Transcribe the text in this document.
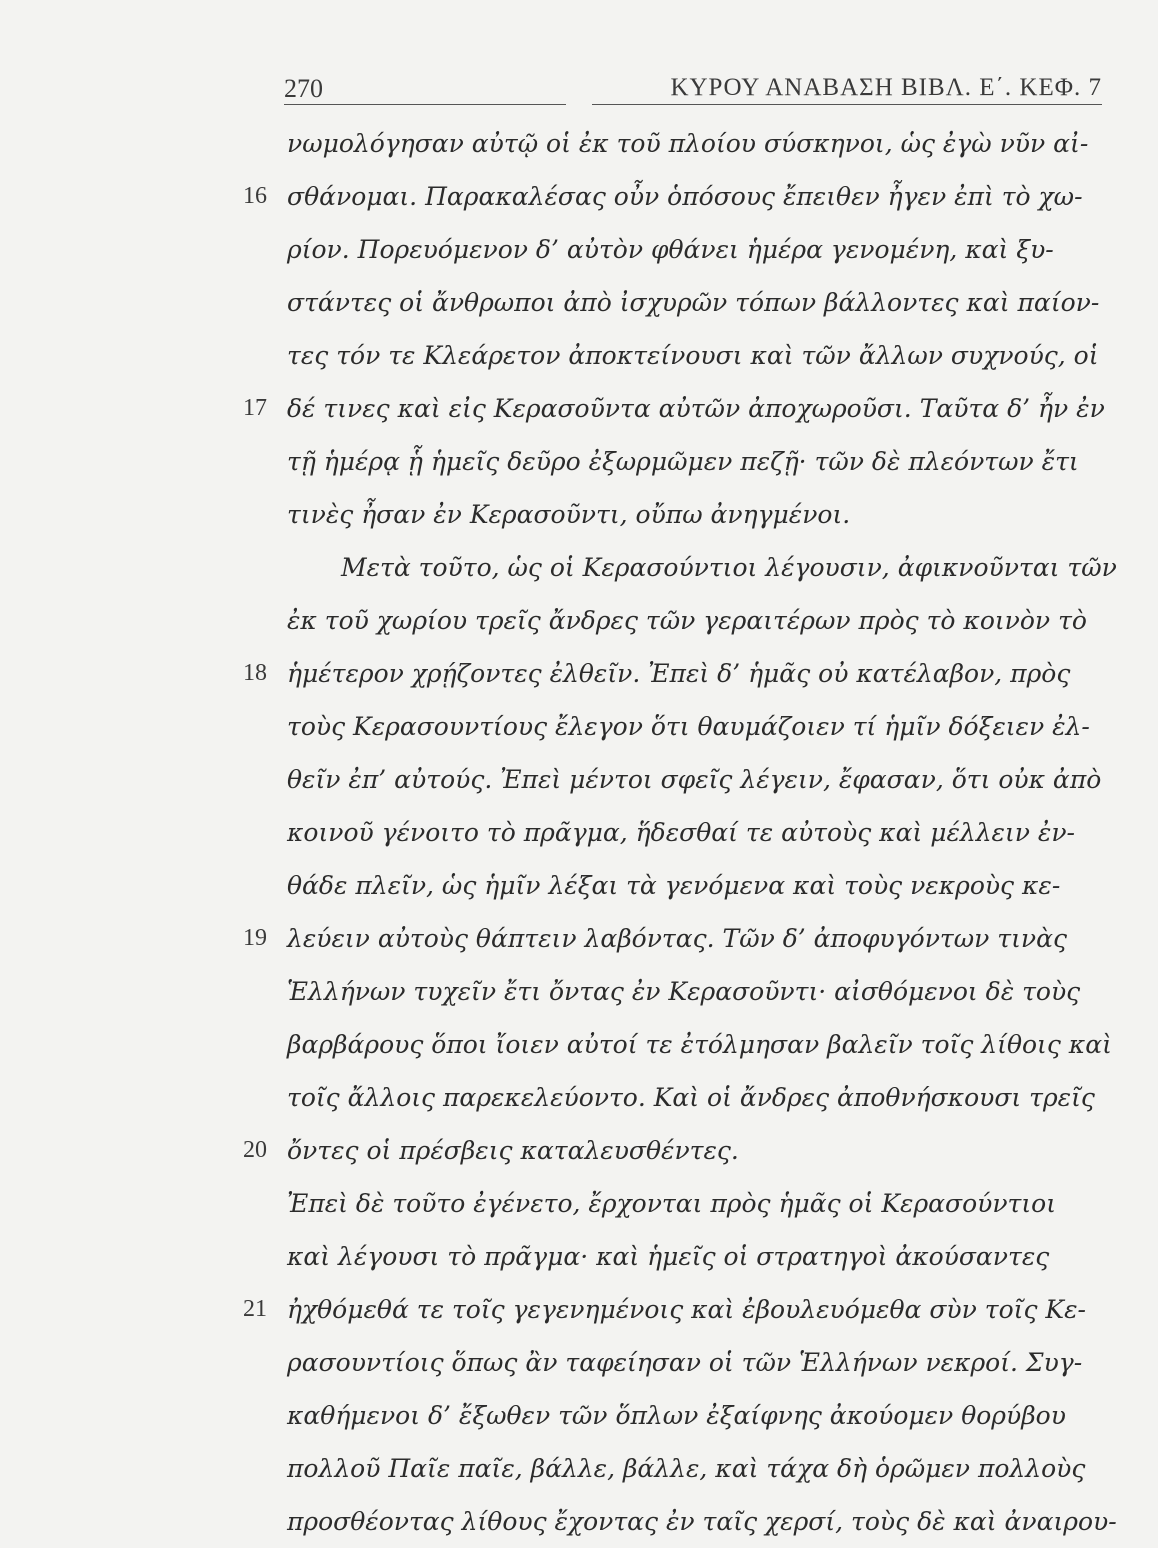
270	ΚΥΡΟΥ ΑΝΑΒΑΣΗ ΒΙΒΛ. Ε΄. ΚΕΦ. 7
16
17
18
19
20
21
νωμολόγησαν αὐτῷ οἱ ἐκ τοῦ πλοίου σύσκηνοι, ὡς ἐγὼ νῦν αἰ-
σθάνομαι. Παρακαλέσας οὖν ὁπόσους ἔπειθεν ἦγεν ἐπὶ τὸ χω-
ρίον. Πορευόμενον δ’ αὐτὸν φθάνει ἡμέρα γενομένη, καὶ ξυ-
στάντες οἱ ἄνθρωποι ἀπὸ ἰσχυρῶν τόπων βάλλοντες καὶ παίον-
τες τόν τε Κλεάρετον ἀποκτείνουσι καὶ τῶν ἄλλων συχνούς, οἱ
δέ τινες καὶ εἰς Κερασοῦντα αὐτῶν ἀποχωροῦσι. Ταῦτα δ’ ἦν ἐν
τῇ ἡμέρᾳ ᾗ ἡμεῖς δεῦρο ἐξωρμῶμεν πεζῇ· τῶν δὲ πλεόντων ἔτι
τινὲς ἦσαν ἐν Κερασοῦντι, οὔπω ἀνηγμένοι.
Μετὰ τοῦτο, ὡς οἱ Κερασούντιοι λέγουσιν, ἀφικνοῦνται τῶν
ἐκ τοῦ χωρίου τρεῖς ἄνδρες τῶν γεραιτέρων πρὸς τὸ κοινὸν τὸ
ἡμέτερον χρῄζοντες ἐλθεῖν. Ἐπεὶ δ’ ἡμᾶς οὐ κατέλαβον, πρὸς
τοὺς Κερασουντίους ἔλεγον ὅτι θαυμάζοιεν τί ἡμῖν δόξειεν ἐλ-
θεῖν ἐπ’ αὐτούς. Ἐπεὶ μέντοι σφεῖς λέγειν, ἔφασαν, ὅτι οὐκ ἀπὸ
κοινοῦ γένοιτο τὸ πρᾶγμα, ἥδεσθαί τε αὐτοὺς καὶ μέλλειν ἐν-
θάδε πλεῖν, ὡς ἡμῖν λέξαι τὰ γενόμενα καὶ τοὺς νεκροὺς κε-
λεύειν αὐτοὺς θάπτειν λαβόντας. Τῶν δ’ ἀποφυγόντων τινὰς
Ἑλλήνων τυχεῖν ἔτι ὄντας ἐν Κερασοῦντι· αἰσθόμενοι δὲ τοὺς
βαρβάρους ὅποι ἴοιεν αὐτοί τε ἐτόλμησαν βαλεῖν τοῖς λίθοις καὶ
τοῖς ἄλλοις παρεκελεύοντο. Καὶ οἱ ἄνδρες ἀποθνήσκουσι τρεῖς
ὄντες οἱ πρέσβεις καταλευσθέντες.
Ἐπεὶ δὲ τοῦτο ἐγένετο, ἔρχονται πρὸς ἡμᾶς οἱ Κερασούντιοι
καὶ λέγουσι τὸ πρᾶγμα· καὶ ἡμεῖς οἱ στρατηγοὶ ἀκούσαντες
ἠχθόμεθά τε τοῖς γεγενημένοις καὶ ἐβουλευόμεθα σὺν τοῖς Κε-
ρασουντίοις ὅπως ἂν ταφείησαν οἱ τῶν Ἑλλήνων νεκροί. Συγ-
καθήμενοι δ’ ἔξωθεν τῶν ὅπλων ἐξαίφνης ἀκούομεν θορύβου
πολλοῦ Παῖε παῖε, βάλλε, βάλλε, καὶ τάχα δὴ ὁρῶμεν πολλοὺς
προσθέοντας λίθους ἔχοντας ἐν ταῖς χερσί, τοὺς δὲ καὶ ἀναιρου-
